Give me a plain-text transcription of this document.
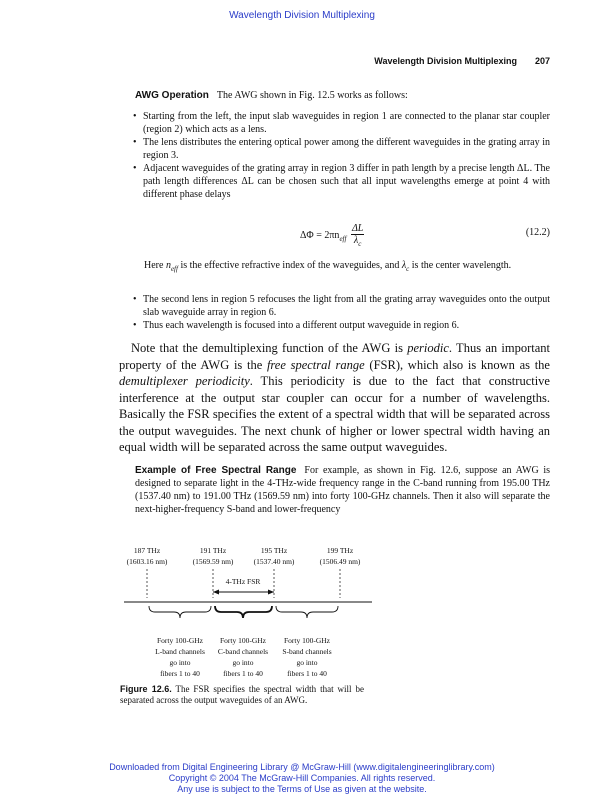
Wavelength Division Multiplexing
Wavelength Division Multiplexing 207
AWG Operation The AWG shown in Fig. 12.5 works as follows:
• Starting from the left, the input slab waveguides in region 1 are connected to the planar star coupler (region 2) which acts as a lens.
• The lens distributes the entering optical power among the different waveguides in the grating array in region 3.
• Adjacent waveguides of the grating array in region 3 differ in path length by a precise length ΔL. The path length differences ΔL can be chosen such that all input wavelengths emerge at point 4 with different phase delays
$\Delta\Phi = 2\pi n_{eff} \frac{\Delta L}{\lambda_c}$	(12.2)
Here $n_{eff}$ is the effective refractive index of the waveguides, and $\lambda_c$ is the center wavelength.
• The second lens in region 5 refocuses the light from all the grating array waveguides onto the output slab waveguide array in region 6.
• Thus each wavelength is focused into a different output waveguide in region 6.
Note that the demultiplexing function of the AWG is periodic. Thus an important property of the AWG is the free spectral range (FSR), which also is known as the demultiplexer periodicity. This periodicity is due to the fact that constructive interference at the output star coupler can occur for a number of wavelengths. Basically the FSR specifies the extent of a spectral width that will be separated across the output waveguides. The next chunk of higher or lower spectral width having an equal width will be separated across the same output waveguides.
Example of Free Spectral Range For example, as shown in Fig. 12.6, suppose an AWG is designed to separate light in the 4-THz-wide frequency range in the C-band running from 195.00 THz (1537.40 nm) to 191.00 THz (1569.59 nm) into forty 100-GHz channels. Then it also will separate the next-higher-frequency S-band and lower-frequency
187 THz
(1603.16 nm)
191 THz
(1569.59 nm)
195 THz
(1537.40 nm)
199 THz
(1506.49 nm)
4-THz FSR
Forty 100-GHz
L-band channels
go into
fibers 1 to 40
Forty 100-GHz
C-band channels
go into
fibers 1 to 40
Forty 100-GHz
S-band channels
go into
fibers 1 to 40
Figure 12.6. The FSR specifies the spectral width that will be separated across the output waveguides of an AWG.
Downloaded from Digital Engineering Library @ McGraw-Hill (www.digitalengineeringlibrary.com)
Copyright © 2004 The McGraw-Hill Companies. All rights reserved.
Any use is subject to the Terms of Use as given at the website.
